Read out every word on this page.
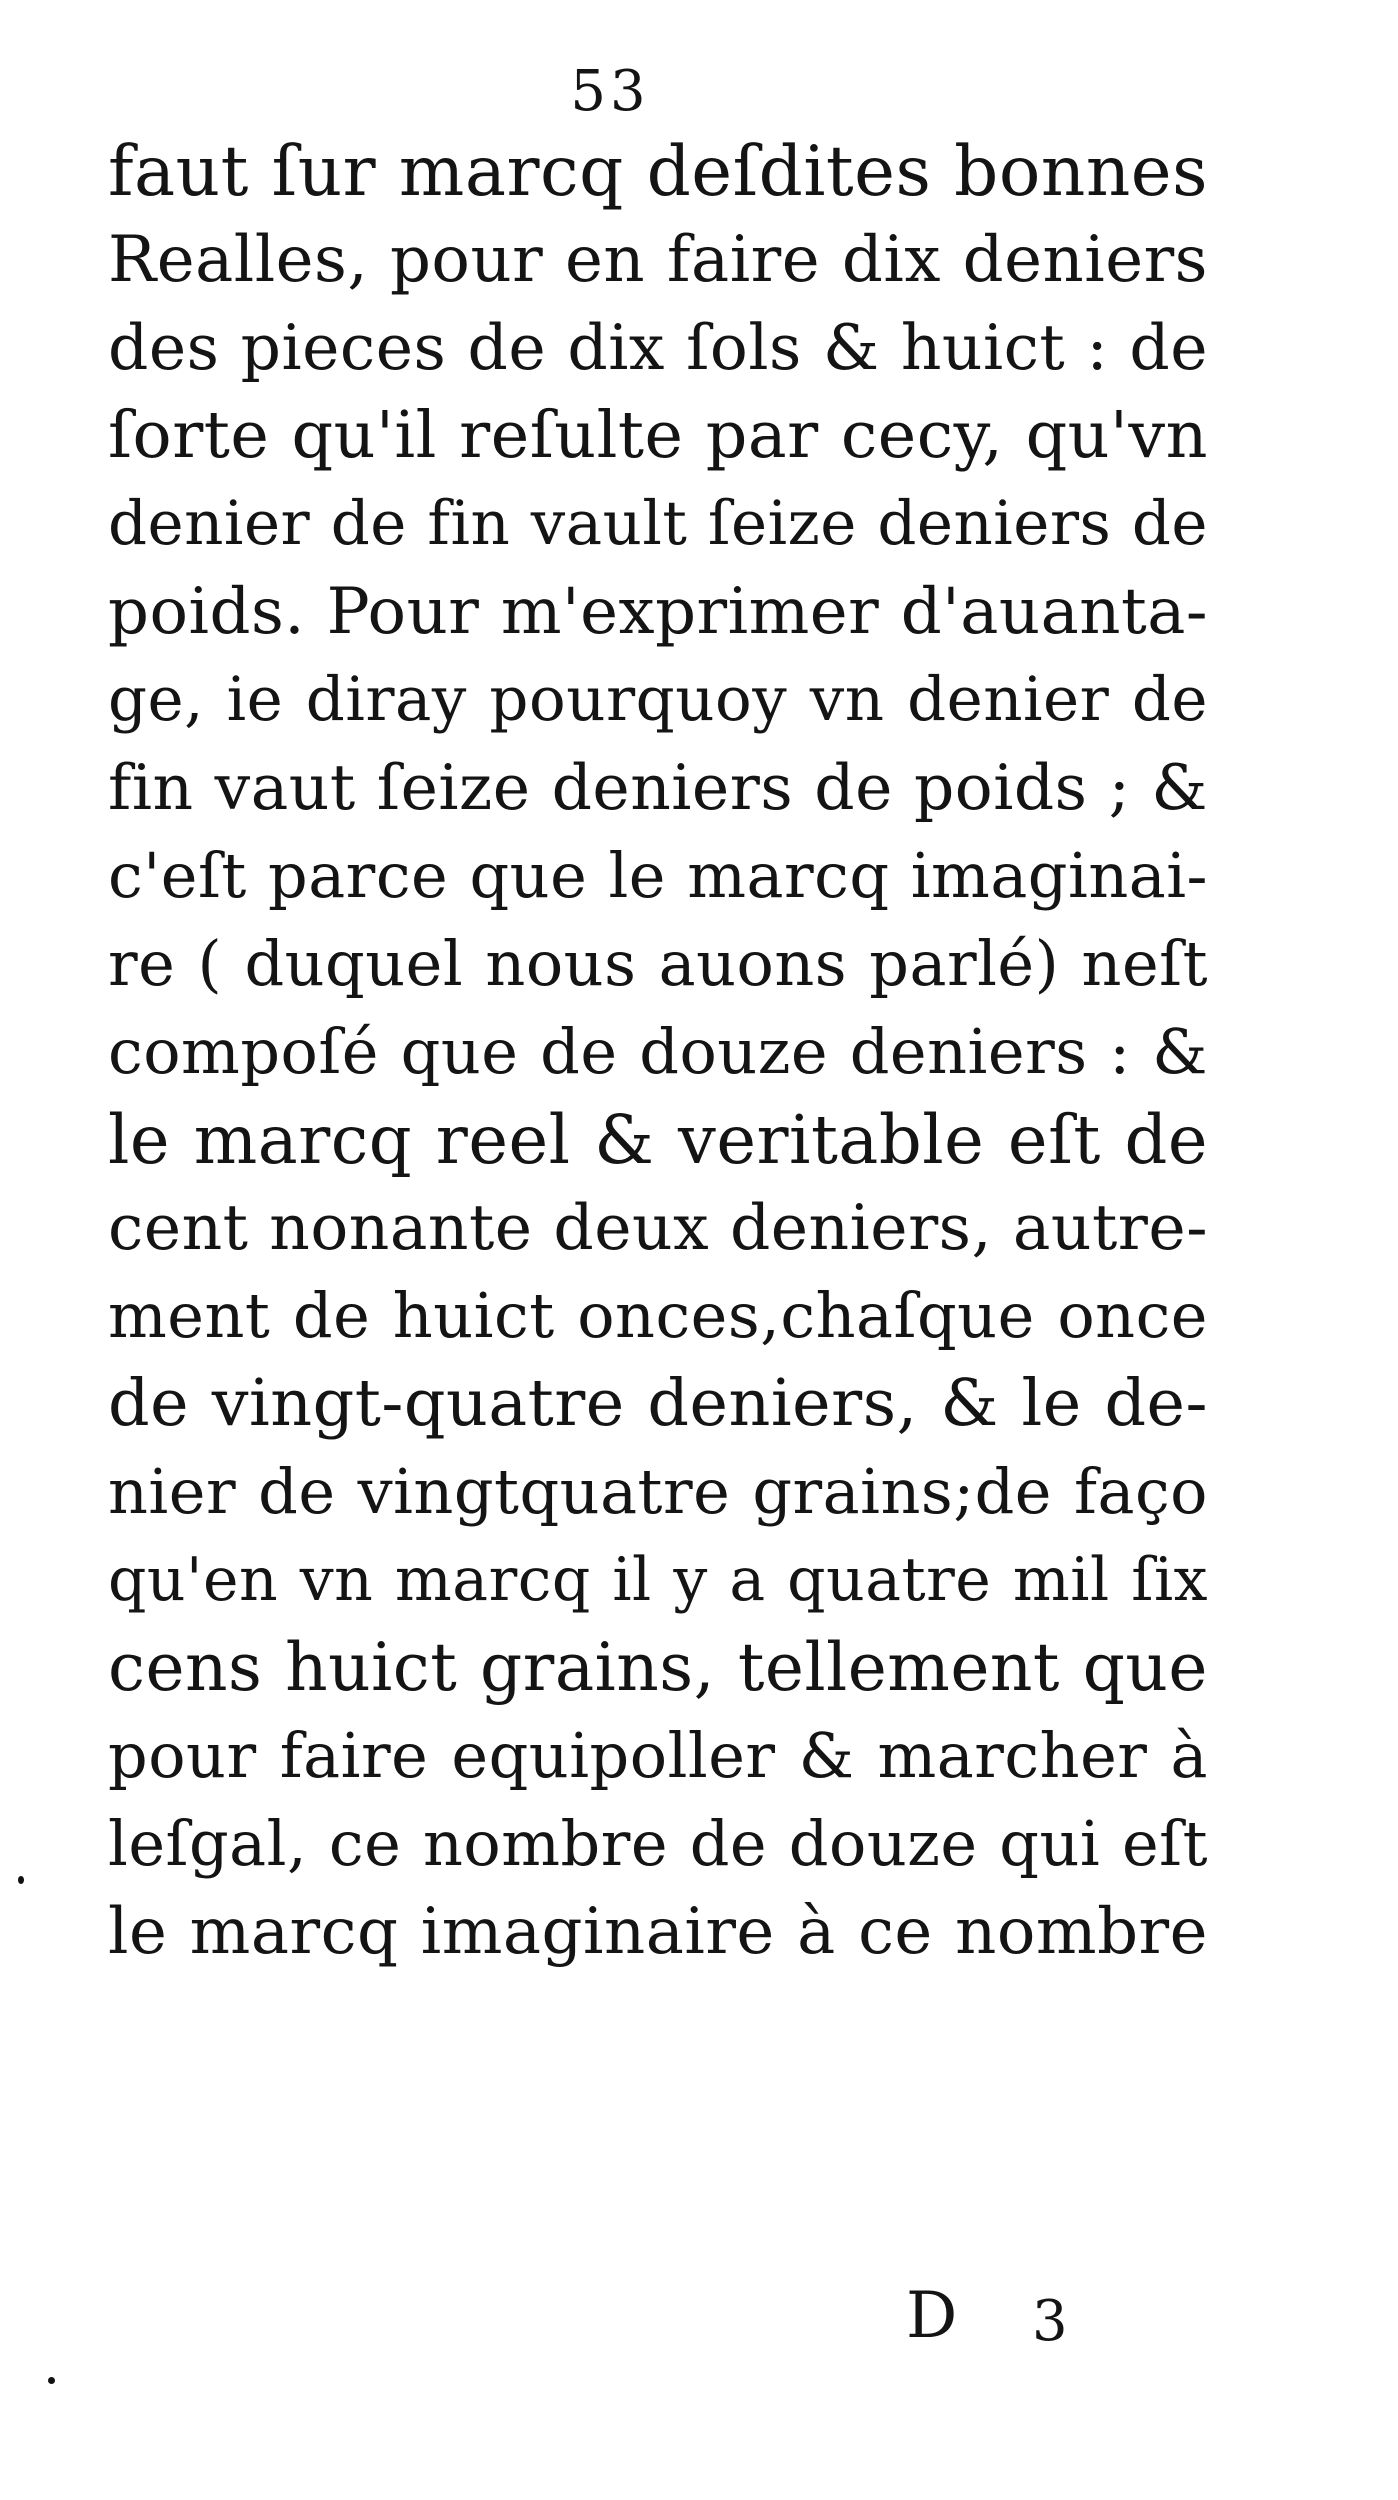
53
faut ſur marcq deſdites bonnes
Realles, pour en faire dix deniers
des pieces de dix ſols & huict : de
ſorte qu'il reſulte par cecy, qu'vn
denier de fin vault ſeize deniers de
poids. Pour m'exprimer d'auanta-
ge, ie diray pourquoy vn denier de
fin vaut ſeize deniers de poids ; &
c'eſt parce que le marcq imaginai-
re ( duquel nous auons parlé) neſt
compoſé que de douze deniers : &
le marcq reel & veritable eſt de
cent nonante deux deniers, autre-
ment de huict onces,chaſque once
de vingt-quatre deniers, & le de-
nier de vingtquatre grains;de faço
qu'en vn marcq il y a quatre mil ſix
cens huict grains, tellement que
pour faire equipoller & marcher à
leſgal, ce nombre de douze qui eſt
le marcq imaginaire à ce nombre
D 3
